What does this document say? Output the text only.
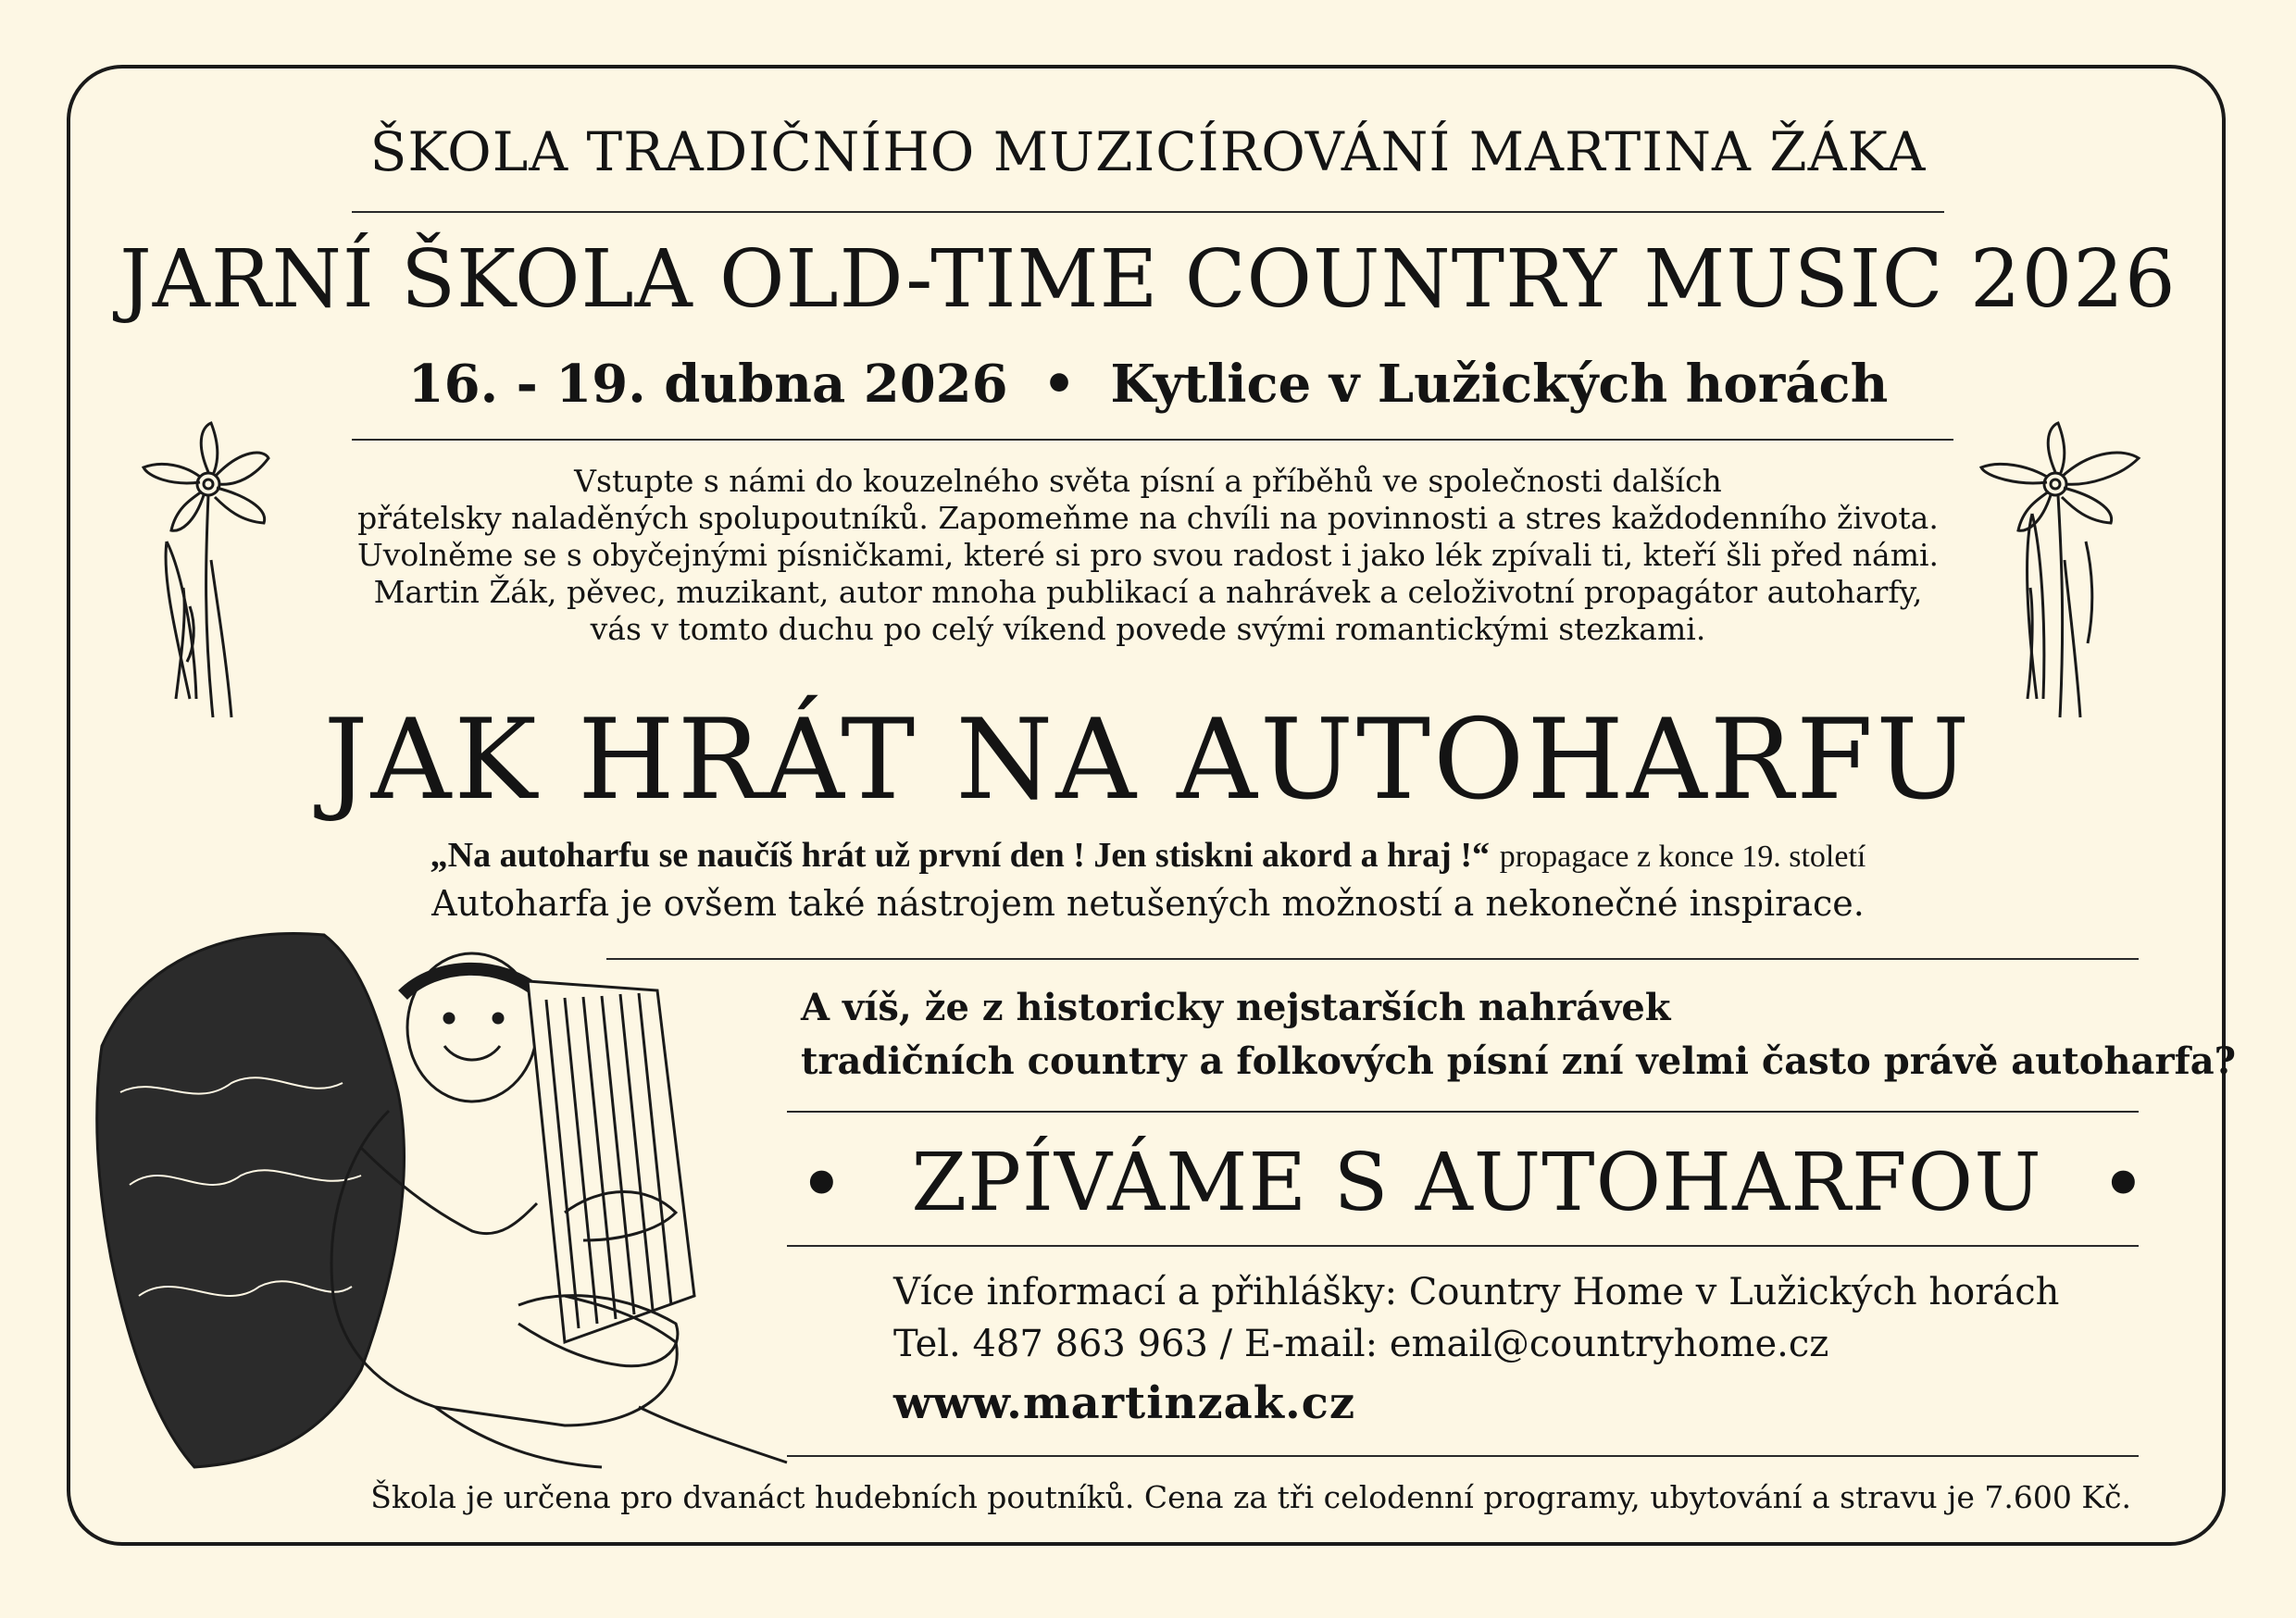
ŠKOLA TRADIČNÍHO MUZICÍROVÁNÍ MARTINA ŽÁKA
JARNÍ ŠKOLA OLD-TIME COUNTRY MUSIC 2026
16. - 19. dubna 2026 • Kytlice v Lužických horách
Vstupte s námi do kouzelného světa písní a příběhů ve společnosti dalších
přátelsky naladěných spolupoutníků. Zapomeňme na chvíli na povinnosti a stres každodenního života.
Uvolněme se s obyčejnými písničkami, které si pro svou radost i jako lék zpívali ti, kteří šli před námi.
Martin Žák, pěvec, muzikant, autor mnoha publikací a nahrávek a celoživotní propagátor autoharfy,
vás v tomto duchu po celý víkend povede svými romantickými stezkami.
JAK HRÁT NA AUTOHARFU
„Na autoharfu se naučíš hrát už první den ! Jen stiskni akord a hraj !“ propagace z konce 19. století
Autoharfa je ovšem také nástrojem netušených možností a nekonečné inspirace.
A víš, že z historicky nejstarších nahrávek
tradičních country a folkových písní zní velmi často právě autoharfa?
• ZPÍVÁME S AUTOHARFOU •
Více informací a přihlášky: Country Home v Lužických horách
Tel. 487 863 963 / E-mail: email@countryhome.cz
www.martinzak.cz
Škola je určena pro dvanáct hudebních poutníků. Cena za tři celodenní programy, ubytování a stravu je 7.600 Kč.
